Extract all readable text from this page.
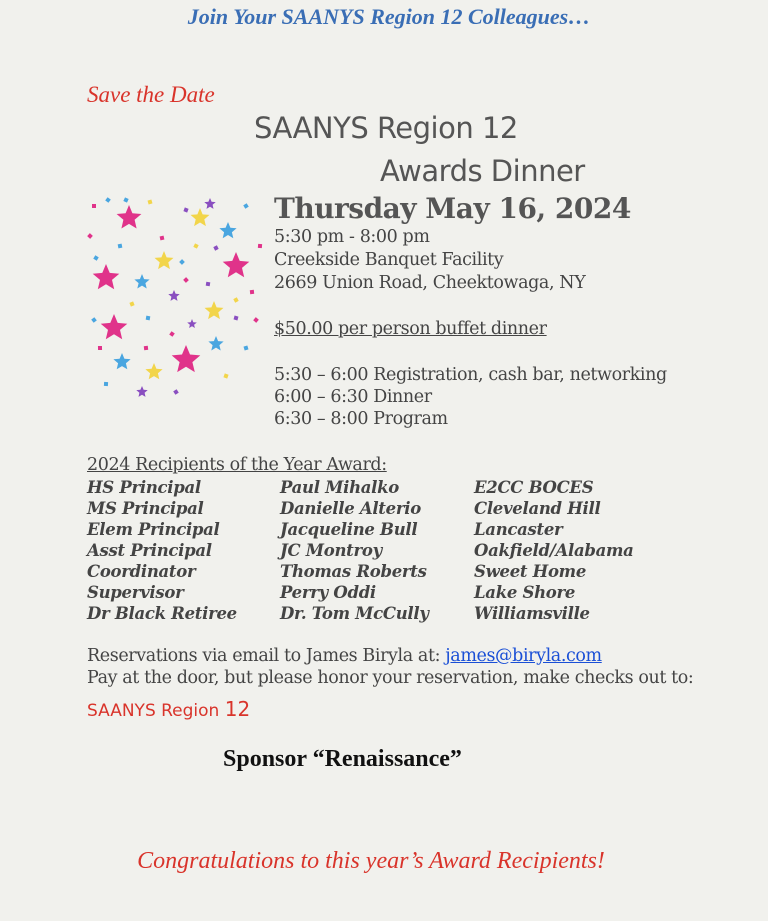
Join Your SAANYS Region 12 Colleagues…
Save the Date
SAANYS Region 12
Awards Dinner
Thursday May 16, 2024
5:30 pm - 8:00 pm
Creekside Banquet Facility
2669 Union Road, Cheektowaga, NY
$50.00 per person buffet dinner
5:30 – 6:00 Registration, cash bar, networking
6:00 – 6:30 Dinner
6:30 – 8:00 Program
2024 Recipients of the Year Award:
HS Principal	Paul Mihalko	E2CC BOCES
MS Principal	Danielle Alterio	Cleveland Hill
Elem Principal	Jacqueline Bull	Lancaster
Asst Principal	JC Montroy	Oakfield/Alabama
Coordinator	Thomas Roberts	Sweet Home
Supervisor	Perry Oddi	Lake Shore
Dr Black Retiree	Dr. Tom McCully	Williamsville
Reservations via email to James Biryla at: james@biryla.com
Pay at the door, but please honor your reservation, make checks out to:
SAANYS Region 12
Sponsor “Renaissance”
Congratulations to this year’s Award Recipients!
